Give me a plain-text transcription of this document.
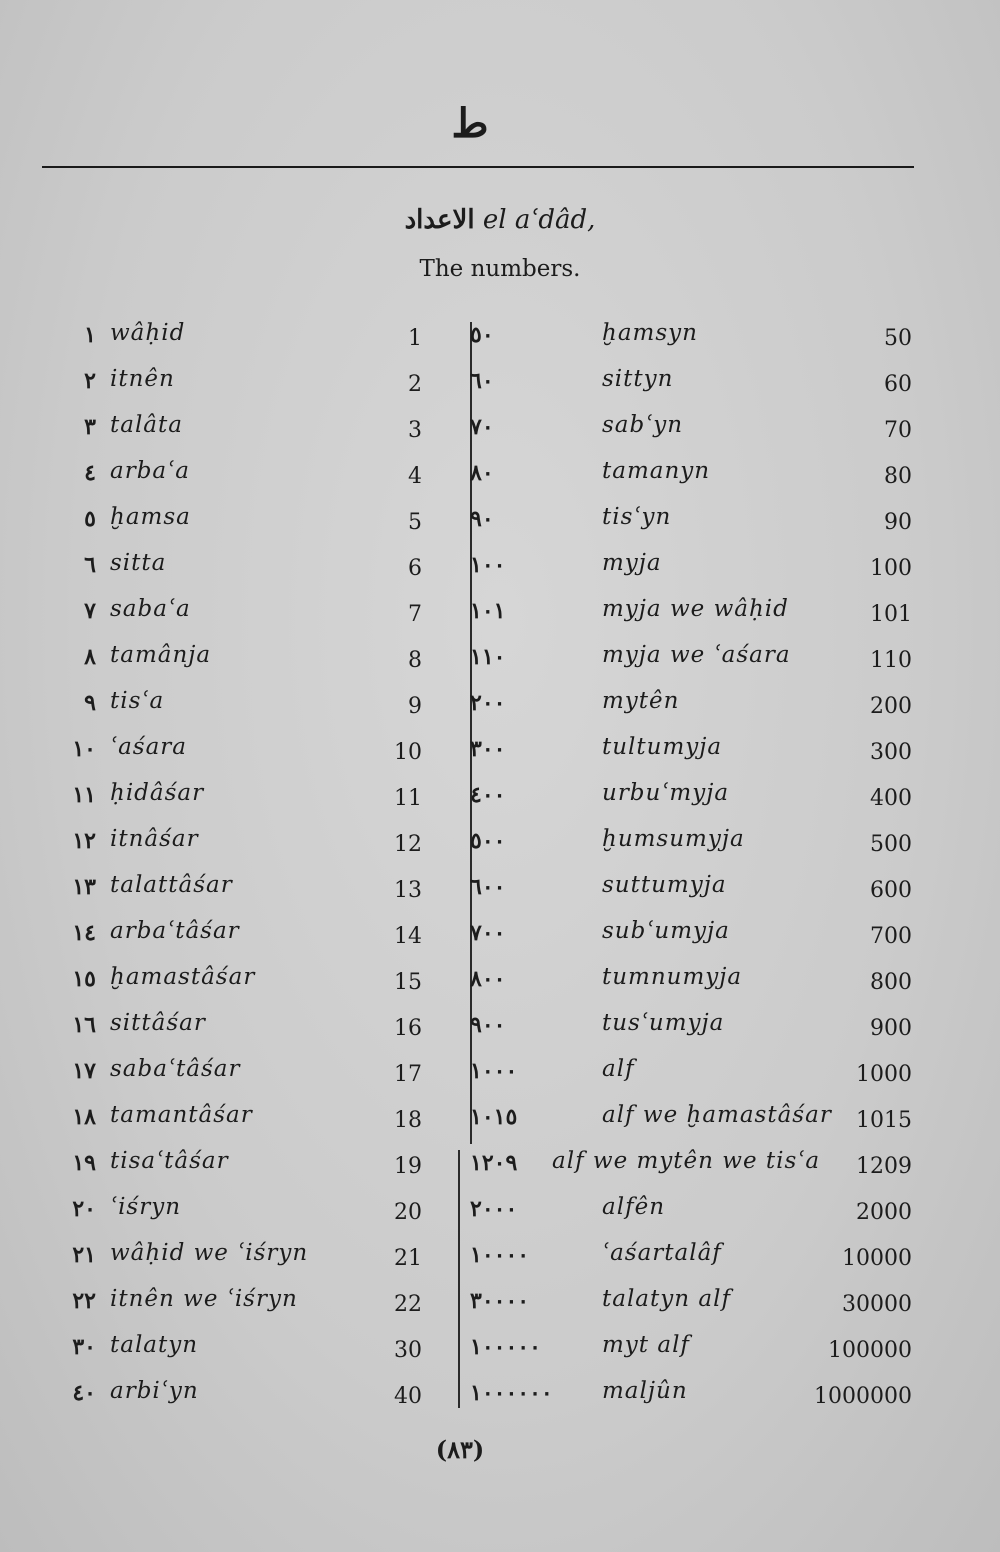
ط
الاعداد el aʿdâd,
The numbers.
١ wâḥid	1
٢ itnên	2
٣ talâta	3
٤ arbaʿa	4
٥ ḫamsa	5
٦ sitta	6
٧ sabaʿa	7
٨ tamânja	8
٩ tisʿa	9
١٠ ʿaśara	10
١١ ḥidâśar	11
١٢ itnâśar	12
١٣ talattâśar	13
١٤ arbaʿtâśar	14
١٥ ḫamastâśar	15
١٦ sittâśar	16
١٧ sabaʿtâśar	17
١٨ tamantâśar	18
١٩ tisaʿtâśar	19
٢٠ ʿiśryn	20
٢١ wâḥid we ʿiśryn	21
٢٢ itnên we ʿiśryn	22
٣٠ talatyn	30
٤٠ arbiʿyn	40
٥٠	ḫamsyn	50
٦٠	sittyn	60
٧٠	sabʿyn	70
٨٠	tamanyn	80
٩٠	tisʿyn	90
١٠٠	myja	100
١٠١	myja we wâḥid	101
١١٠	myja we ʿaśara	110
٢٠٠	mytên	200
٣٠٠	tultumyja	300
٤٠٠	urbuʿmyja	400
٥٠٠	ḫumsumyja	500
٦٠٠	suttumyja	600
٧٠٠	subʿumyja	700
٨٠٠	tumnumyja	800
٩٠٠	tusʿumyja	900
١٠٠٠	alf	1000
١٠١٥	alf we ḫamastâśar	1015
١٢٠٩	alf we mytên we tisʿa	1209
٢٠٠٠	alfên	2000
١٠٠٠٠	ʿaśartalâf	10000
٣٠٠٠٠	talatyn alf	30000
١٠٠٠٠٠	myt alf	100000
١٠٠٠٠٠٠	maljûn	1000000
(٨٣)
